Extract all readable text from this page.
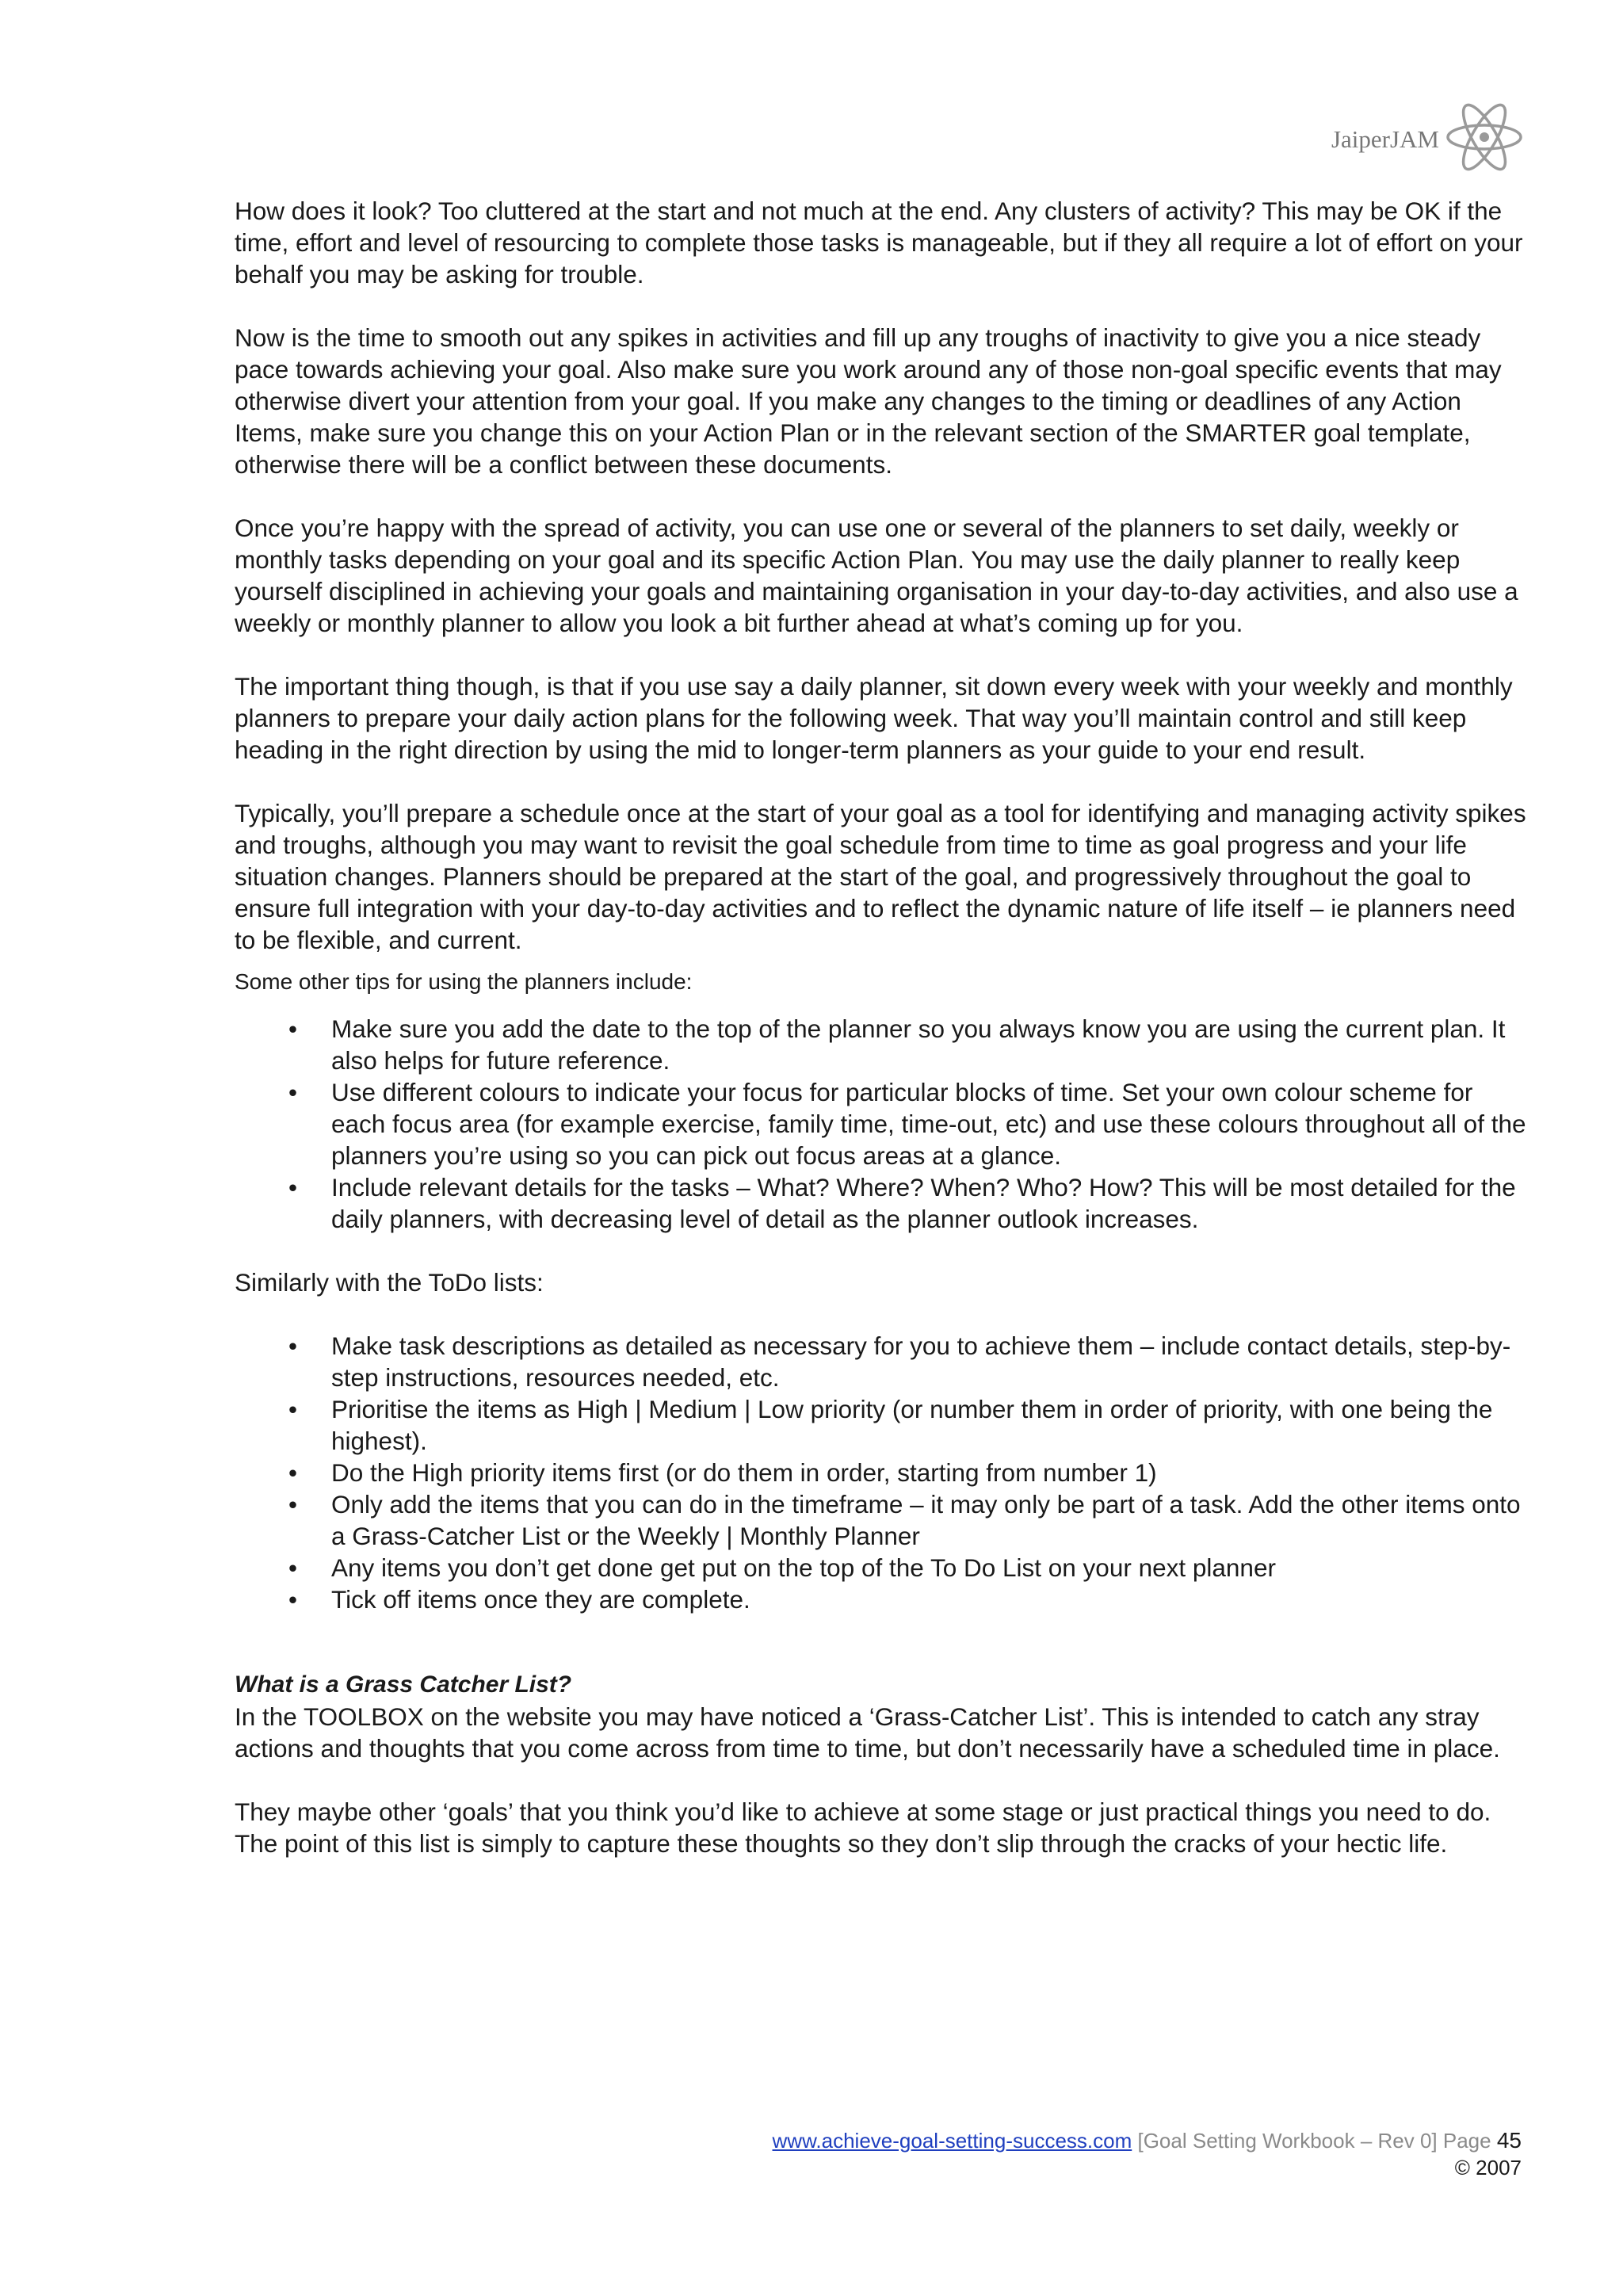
JaiperJAM

How does it look? Too cluttered at the start and not much at the end. Any clusters of activity? This may be OK if the time, effort and level of resourcing to complete those tasks is manageable, but if they all require a lot of effort on your behalf you may be asking for trouble.

Now is the time to smooth out any spikes in activities and fill up any troughs of inactivity to give you a nice steady pace towards achieving your goal. Also make sure you work around any of those non-goal specific events that may otherwise divert your attention from your goal. If you make any changes to the timing or deadlines of any Action Items, make sure you change this on your Action Plan or in the relevant section of the SMARTER goal template, otherwise there will be a conflict between these documents.

Once you’re happy with the spread of activity, you can use one or several of the planners to set daily, weekly or monthly tasks depending on your goal and its specific Action Plan. You may use the daily planner to really keep yourself disciplined in achieving your goals and maintaining organisation in your day-to-day activities, and also use a weekly or monthly planner to allow you look a bit further ahead at what’s coming up for you.

The important thing though, is that if you use say a daily planner, sit down every week with your weekly and monthly planners to prepare your daily action plans for the following week. That way you’ll maintain control and still keep heading in the right direction by using the mid to longer-term planners as your guide to your end result.

Typically, you’ll prepare a schedule once at the start of your goal as a tool for identifying and managing activity spikes and troughs, although you may want to revisit the goal schedule from time to time as goal progress and your life situation changes. Planners should be prepared at the start of the goal, and progressively throughout the goal to ensure full integration with your day-to-day activities and to reflect the dynamic nature of life itself – ie planners need to be flexible, and current.

Some other tips for using the planners include:

• Make sure you add the date to the top of the planner so you always know you are using the current plan. It also helps for future reference.
• Use different colours to indicate your focus for particular blocks of time. Set your own colour scheme for each focus area (for example exercise, family time, time-out, etc) and use these colours throughout all of the planners you’re using so you can pick out focus areas at a glance.
• Include relevant details for the tasks – What? Where? When? Who? How? This will be most detailed for the daily planners, with decreasing level of detail as the planner outlook increases.

Similarly with the ToDo lists:

• Make task descriptions as detailed as necessary for you to achieve them – include contact details, step-by-step instructions, resources needed, etc.
• Prioritise the items as High | Medium | Low priority (or number them in order of priority, with one being the highest).
• Do the High priority items first (or do them in order, starting from number 1)
• Only add the items that you can do in the timeframe – it may only be part of a task. Add the other items onto a Grass-Catcher List or the Weekly | Monthly Planner
• Any items you don’t get done get put on the top of the To Do List on your next planner
• Tick off items once they are complete.

What is a Grass Catcher List?

In the TOOLBOX on the website you may have noticed a ‘Grass-Catcher List’. This is intended to catch any stray actions and thoughts that you come across from time to time, but don’t necessarily have a scheduled time in place.

They maybe other ‘goals’ that you think you’d like to achieve at some stage or just practical things you need to do. The point of this list is simply to capture these thoughts so they don’t slip through the cracks of your hectic life.

www.achieve-goal-setting-success.com [Goal Setting Workbook – Rev 0] Page 45
© 2007
